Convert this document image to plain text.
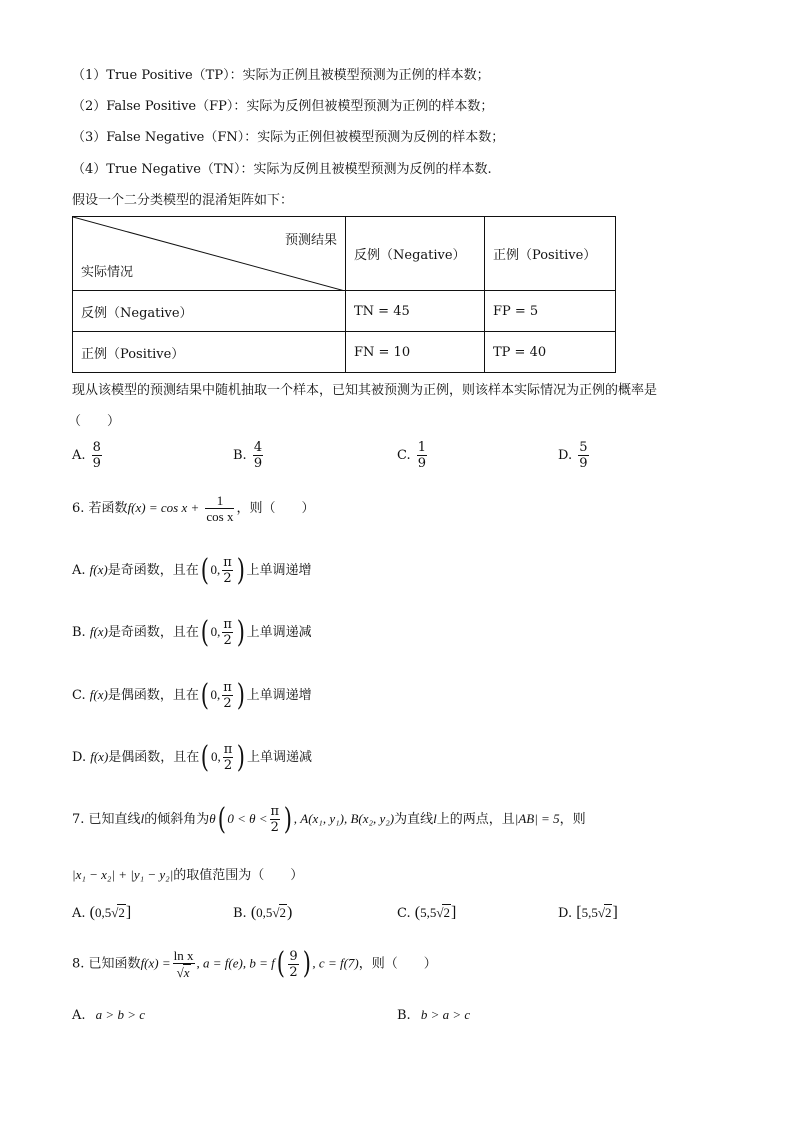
（1）True Positive（TP）：实际为正例且被模型预测为正例的样本数；
（2）False Positive（FP）：实际为反例但被模型预测为正例的样本数；
（3）False Negative（FN）：实际为正例但被模型预测为反例的样本数；
（4）True Negative（TN）：实际为反例且被模型预测为反例的样本数.
假设一个二分类模型的混淆矩阵如下：
预测结果
实际情况	反例（Negative）	正例（Positive）
反例（Negative）	TN = 45	FP = 5
正例（Positive）	FN = 10	TP = 40
现从该模型的预测结果中随机抽取一个样本，已知其被预测为正例，则该样本实际情况为正例的概率是
（　　）
A. $\frac{8}{9}$	B. $\frac{4}{9}$	C. $\frac{1}{9}$	D. $\frac{5}{9}$
6. 若函数$f(x) = \cos x + \frac{1}{\text{cos x}}$ ，则（　　）
A. f(x)是奇函数，且在( 0, $\frac{\pi}{2}$ ) 上单调递增
B. f(x)是奇函数，且在( 0, $\frac{\pi}{2}$ ) 上单调递减
C. f(x)是偶函数，且在( 0, $\frac{\pi}{2}$ ) 上单调递增
D. f(x)是偶函数，且在( 0, $\frac{\pi}{2}$ ) 上单调递减
7. 已知直线l的倾斜角为θ( $0 < \theta < \frac{\pi}{2}$ ) , A(x₁, y₁), B(x₂, y₂)为直线l上的两点，且|AB| = 5，则
|x₁ − x₂| + |y₁ − y₂|的取值范围为（　　）
A. (0,5√2]	B. (0,5√2)	C. (5,5√2]	D. [5,5√2]
8. 已知函数$f(x) = \frac{\text{ln x}}{√x}$ , a = f(e), $b = f( \frac{9}{2}$ ) , c = f(7)，则（　　）
A. a > b > c	B. b > a > c
